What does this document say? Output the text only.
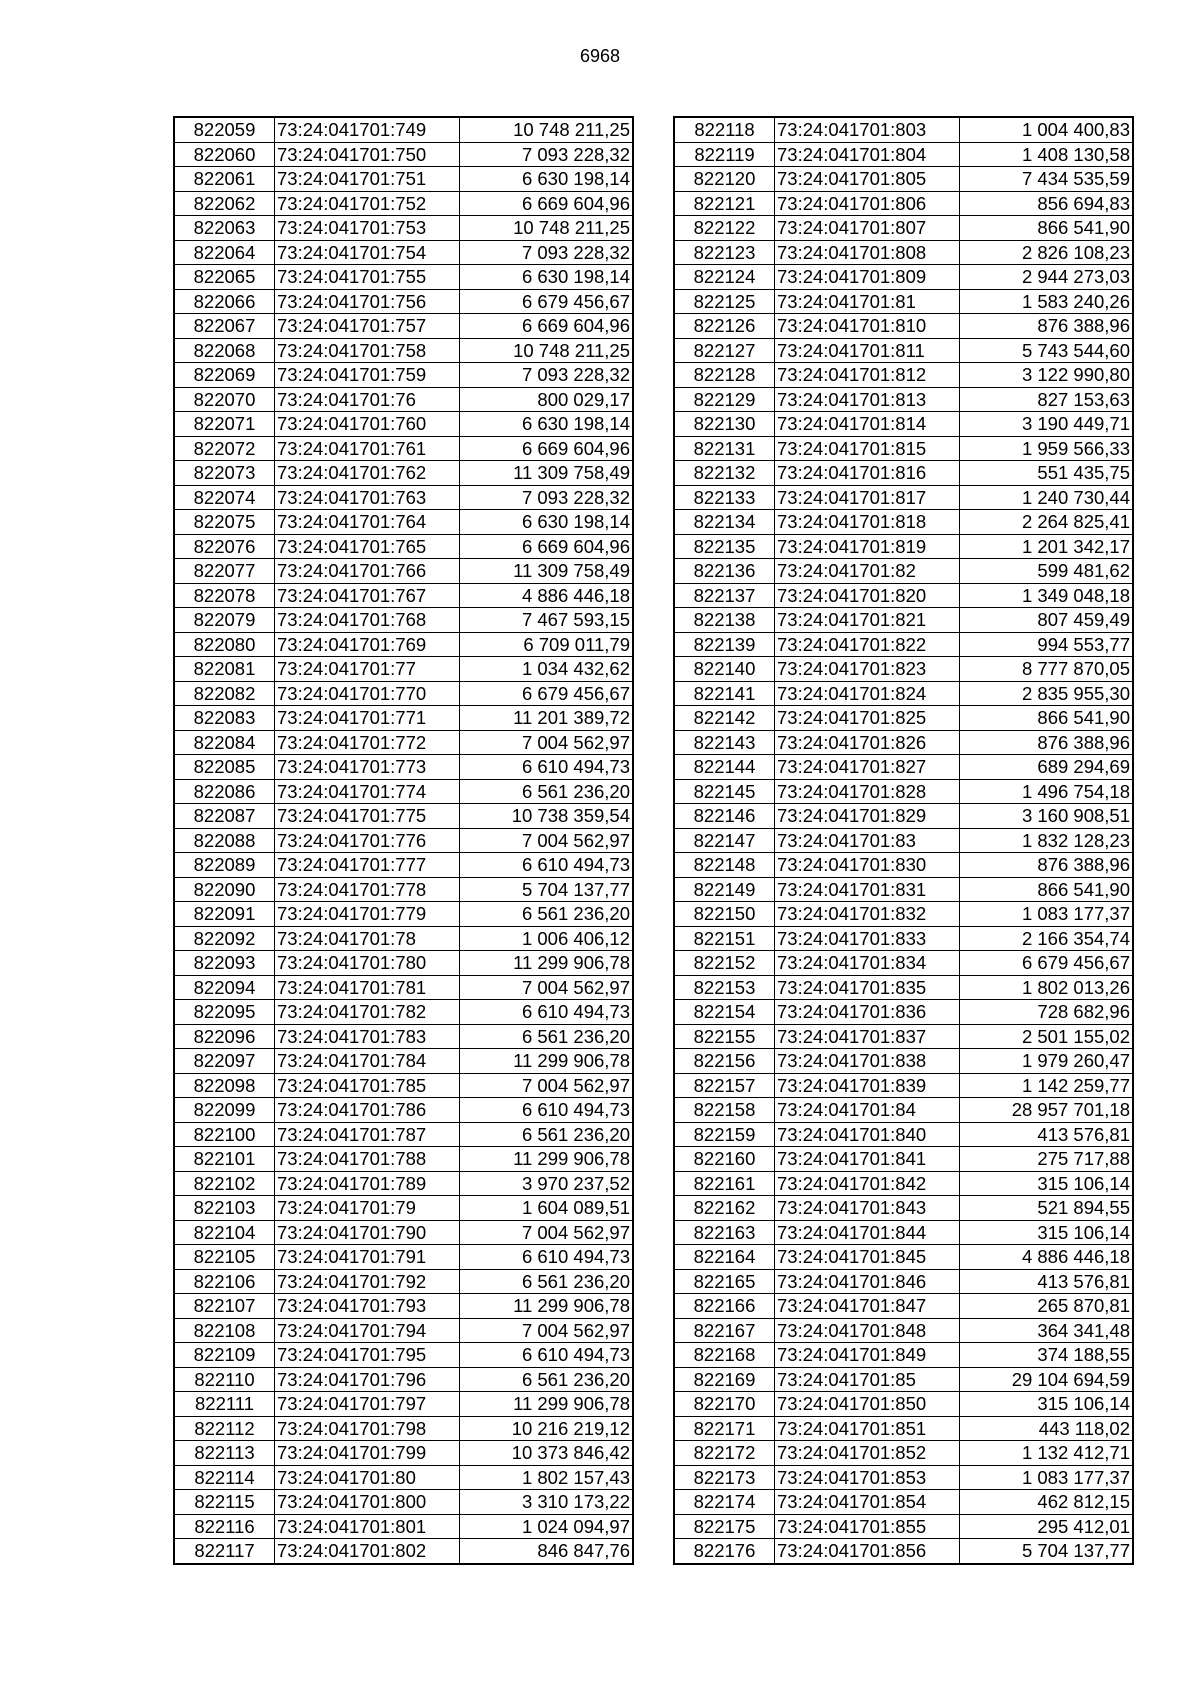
6968
822059	73:24:041701:749	10 748 211,25
822060	73:24:041701:750	7 093 228,32
822061	73:24:041701:751	6 630 198,14
822062	73:24:041701:752	6 669 604,96
822063	73:24:041701:753	10 748 211,25
822064	73:24:041701:754	7 093 228,32
822065	73:24:041701:755	6 630 198,14
822066	73:24:041701:756	6 679 456,67
822067	73:24:041701:757	6 669 604,96
822068	73:24:041701:758	10 748 211,25
822069	73:24:041701:759	7 093 228,32
822070	73:24:041701:76	800 029,17
822071	73:24:041701:760	6 630 198,14
822072	73:24:041701:761	6 669 604,96
822073	73:24:041701:762	11 309 758,49
822074	73:24:041701:763	7 093 228,32
822075	73:24:041701:764	6 630 198,14
822076	73:24:041701:765	6 669 604,96
822077	73:24:041701:766	11 309 758,49
822078	73:24:041701:767	4 886 446,18
822079	73:24:041701:768	7 467 593,15
822080	73:24:041701:769	6 709 011,79
822081	73:24:041701:77	1 034 432,62
822082	73:24:041701:770	6 679 456,67
822083	73:24:041701:771	11 201 389,72
822084	73:24:041701:772	7 004 562,97
822085	73:24:041701:773	6 610 494,73
822086	73:24:041701:774	6 561 236,20
822087	73:24:041701:775	10 738 359,54
822088	73:24:041701:776	7 004 562,97
822089	73:24:041701:777	6 610 494,73
822090	73:24:041701:778	5 704 137,77
822091	73:24:041701:779	6 561 236,20
822092	73:24:041701:78	1 006 406,12
822093	73:24:041701:780	11 299 906,78
822094	73:24:041701:781	7 004 562,97
822095	73:24:041701:782	6 610 494,73
822096	73:24:041701:783	6 561 236,20
822097	73:24:041701:784	11 299 906,78
822098	73:24:041701:785	7 004 562,97
822099	73:24:041701:786	6 610 494,73
822100	73:24:041701:787	6 561 236,20
822101	73:24:041701:788	11 299 906,78
822102	73:24:041701:789	3 970 237,52
822103	73:24:041701:79	1 604 089,51
822104	73:24:041701:790	7 004 562,97
822105	73:24:041701:791	6 610 494,73
822106	73:24:041701:792	6 561 236,20
822107	73:24:041701:793	11 299 906,78
822108	73:24:041701:794	7 004 562,97
822109	73:24:041701:795	6 610 494,73
822110	73:24:041701:796	6 561 236,20
822111	73:24:041701:797	11 299 906,78
822112	73:24:041701:798	10 216 219,12
822113	73:24:041701:799	10 373 846,42
822114	73:24:041701:80	1 802 157,43
822115	73:24:041701:800	3 310 173,22
822116	73:24:041701:801	1 024 094,97
822117	73:24:041701:802	846 847,76
822118	73:24:041701:803	1 004 400,83
822119	73:24:041701:804	1 408 130,58
822120	73:24:041701:805	7 434 535,59
822121	73:24:041701:806	856 694,83
822122	73:24:041701:807	866 541,90
822123	73:24:041701:808	2 826 108,23
822124	73:24:041701:809	2 944 273,03
822125	73:24:041701:81	1 583 240,26
822126	73:24:041701:810	876 388,96
822127	73:24:041701:811	5 743 544,60
822128	73:24:041701:812	3 122 990,80
822129	73:24:041701:813	827 153,63
822130	73:24:041701:814	3 190 449,71
822131	73:24:041701:815	1 959 566,33
822132	73:24:041701:816	551 435,75
822133	73:24:041701:817	1 240 730,44
822134	73:24:041701:818	2 264 825,41
822135	73:24:041701:819	1 201 342,17
822136	73:24:041701:82	599 481,62
822137	73:24:041701:820	1 349 048,18
822138	73:24:041701:821	807 459,49
822139	73:24:041701:822	994 553,77
822140	73:24:041701:823	8 777 870,05
822141	73:24:041701:824	2 835 955,30
822142	73:24:041701:825	866 541,90
822143	73:24:041701:826	876 388,96
822144	73:24:041701:827	689 294,69
822145	73:24:041701:828	1 496 754,18
822146	73:24:041701:829	3 160 908,51
822147	73:24:041701:83	1 832 128,23
822148	73:24:041701:830	876 388,96
822149	73:24:041701:831	866 541,90
822150	73:24:041701:832	1 083 177,37
822151	73:24:041701:833	2 166 354,74
822152	73:24:041701:834	6 679 456,67
822153	73:24:041701:835	1 802 013,26
822154	73:24:041701:836	728 682,96
822155	73:24:041701:837	2 501 155,02
822156	73:24:041701:838	1 979 260,47
822157	73:24:041701:839	1 142 259,77
822158	73:24:041701:84	28 957 701,18
822159	73:24:041701:840	413 576,81
822160	73:24:041701:841	275 717,88
822161	73:24:041701:842	315 106,14
822162	73:24:041701:843	521 894,55
822163	73:24:041701:844	315 106,14
822164	73:24:041701:845	4 886 446,18
822165	73:24:041701:846	413 576,81
822166	73:24:041701:847	265 870,81
822167	73:24:041701:848	364 341,48
822168	73:24:041701:849	374 188,55
822169	73:24:041701:85	29 104 694,59
822170	73:24:041701:850	315 106,14
822171	73:24:041701:851	443 118,02
822172	73:24:041701:852	1 132 412,71
822173	73:24:041701:853	1 083 177,37
822174	73:24:041701:854	462 812,15
822175	73:24:041701:855	295 412,01
822176	73:24:041701:856	5 704 137,77
